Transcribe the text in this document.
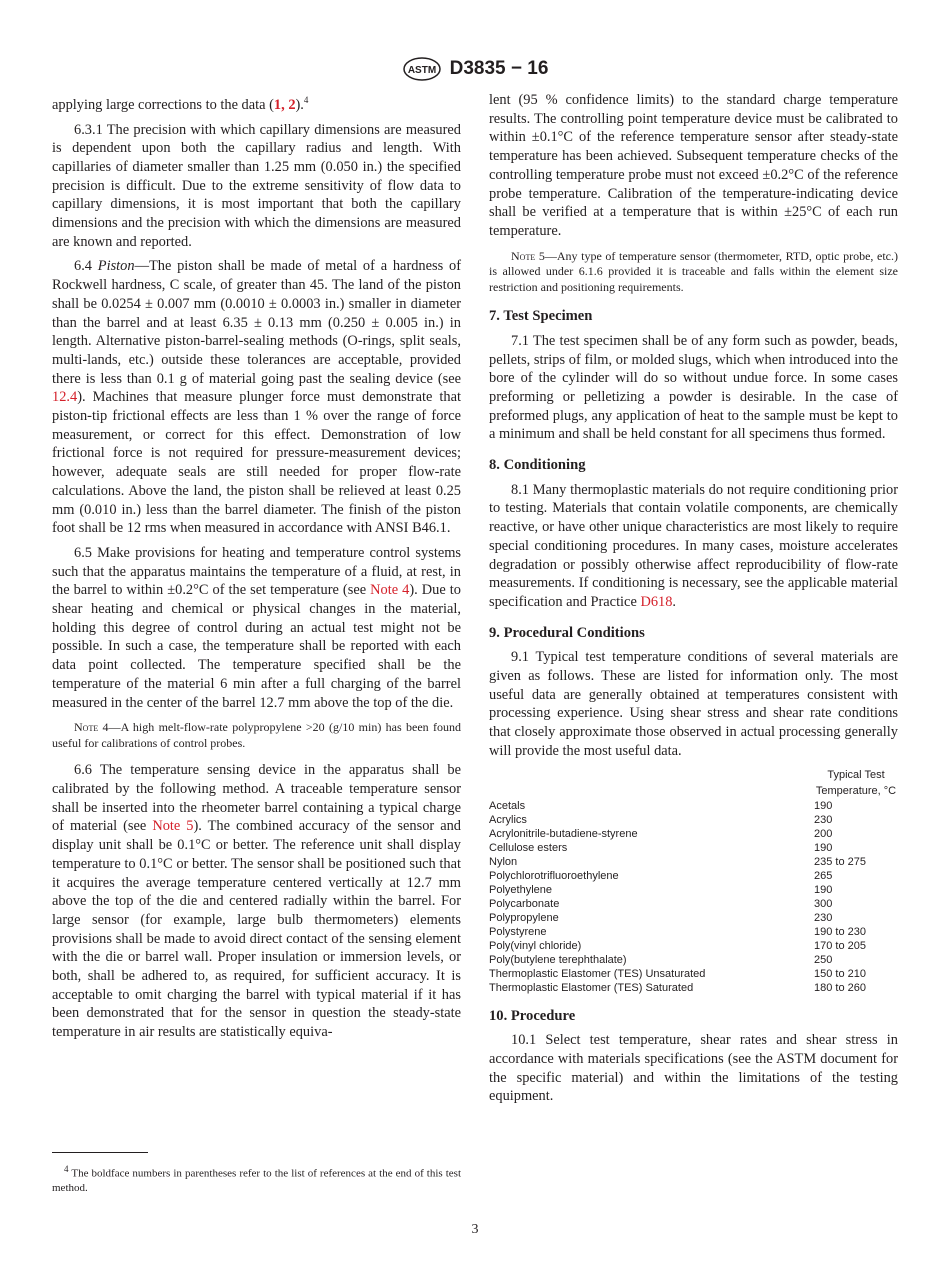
ASTM D3835 − 16

applying large corrections to the data (1, 2).$^4$

6.3.1 The precision with which capillary dimensions are measured is dependent upon both the capillary radius and length. With capillaries of diameter smaller than 1.25 mm (0.050 in.) the specified precision is difficult. Due to the extreme sensitivity of flow data to capillary dimensions, it is most important that both the capillary dimensions and the precision with which the dimensions are measured are known and reported.

6.4 Piston—The piston shall be made of metal of a hardness of Rockwell hardness, C scale, of greater than 45. The land of the piston shall be 0.0254 ± 0.007 mm (0.0010 ± 0.0003 in.) smaller in diameter than the barrel and at least 6.35 ± 0.13 mm (0.250 ± 0.005 in.) in length. Alternative piston-barrel-sealing methods (O-rings, split seals, multi-lands, etc.) outside these tolerances are acceptable, provided there is less than 0.1 g of material going past the sealing device (see 12.4). Machines that measure plunger force must demonstrate that piston-tip frictional effects are less than 1 % over the range of force measurement, or correct for this effect. Demonstration of low frictional force is not required for pressure-measurement devices; however, adequate seals are still needed for proper flow-rate calculations. Above the land, the piston shall be relieved at least 0.25 mm (0.010 in.) less than the barrel diameter. The finish of the piston foot shall be 12 rms when measured in accordance with ANSI B46.1.

6.5 Make provisions for heating and temperature control systems such that the apparatus maintains the temperature of a fluid, at rest, in the barrel to within ±0.2°C of the set temperature (see Note 4). Due to shear heating and chemical or physical changes in the material, holding this degree of control during an actual test might not be possible. In such a case, the temperature shall be reported with each data point collected. The temperature specified shall be the temperature of the material 6 min after a full charging of the barrel measured in the center of the barrel 12.7 mm above the top of the die.

Note 4—A high melt-flow-rate polypropylene >20 (g/10 min) has been found useful for calibrations of control probes.

6.6 The temperature sensing device in the apparatus shall be calibrated by the following method. A traceable temperature sensor shall be inserted into the rheometer barrel containing a typical charge of material (see Note 5). The combined accuracy of the sensor and display unit shall be 0.1°C or better. The reference unit shall display temperature to 0.1°C or better. The sensor shall be positioned such that it acquires the average temperature centered vertically at 12.7 mm above the top of the die and centered radially within the barrel. For large sensor (for example, large bulb thermometers) elements provisions shall be made to avoid direct contact of the sensing element with the die or barrel wall. Proper insulation or immersion levels, or both, shall be adhered to, as required, for sufficient accuracy. It is acceptable to omit charging the barrel with typical material if it has been demonstrated that for the sensor in question the steady-state temperature in air results are statistically equiva-

lent (95 % confidence limits) to the standard charge temperature results. The controlling point temperature device must be calibrated to within ±0.1°C of the reference temperature sensor after steady-state temperature has been achieved. Subsequent temperature checks of the controlling temperature probe must not exceed ±0.2°C of the reference probe temperature. Calibration of the temperature-indicating device shall be verified at a temperature that is within ±25°C of each run temperature.

Note 5—Any type of temperature sensor (thermometer, RTD, optic probe, etc.) is allowed under 6.1.6 provided it is traceable and falls within the element size restriction and positioning requirements.

7. Test Specimen

7.1 The test specimen shall be of any form such as powder, beads, pellets, strips of film, or molded slugs, which when introduced into the bore of the cylinder will do so without undue force. In some cases preforming or pelletizing a powder is desirable. In the case of preformed plugs, any application of heat to the sample must be kept to a minimum and shall be held constant for all specimens thus formed.

8. Conditioning

8.1 Many thermoplastic materials do not require conditioning prior to testing. Materials that contain volatile components, are chemically reactive, or have other unique characteristics are most likely to require special conditioning procedures. In many cases, moisture accelerates degradation or possibly otherwise affect reproducibility of flow-rate measurements. If conditioning is necessary, see the applicable material specification and Practice D618.

9. Procedural Conditions

9.1 Typical test temperature conditions of several materials are given as follows. These are listed for information only. The most useful data are generally obtained at temperatures consistent with processing experience. Using shear stress and shear rate conditions that closely approximate those observed in actual processing generally will provide the most useful data.

	Typical Test
	Temperature, °C
Acetals	190
Acrylics	230
Acrylonitrile-butadiene-styrene	200
Cellulose esters	190
Nylon	235 to 275
Polychlorotrifluoroethylene	265
Polyethylene	190
Polycarbonate	300
Polypropylene	230
Polystyrene	190 to 230
Poly(vinyl chloride)	170 to 205
Poly(butylene terephthalate)	250
Thermoplastic Elastomer (TES) Unsaturated	150 to 210
Thermoplastic Elastomer (TES) Saturated	180 to 260
10. Procedure

10.1 Select test temperature, shear rates and shear stress in accordance with materials specifications (see the ASTM document for the specific material) and within the limitations of the testing equipment.

$^4$ The boldface numbers in parentheses refer to the list of references at the end of this test method.
3
